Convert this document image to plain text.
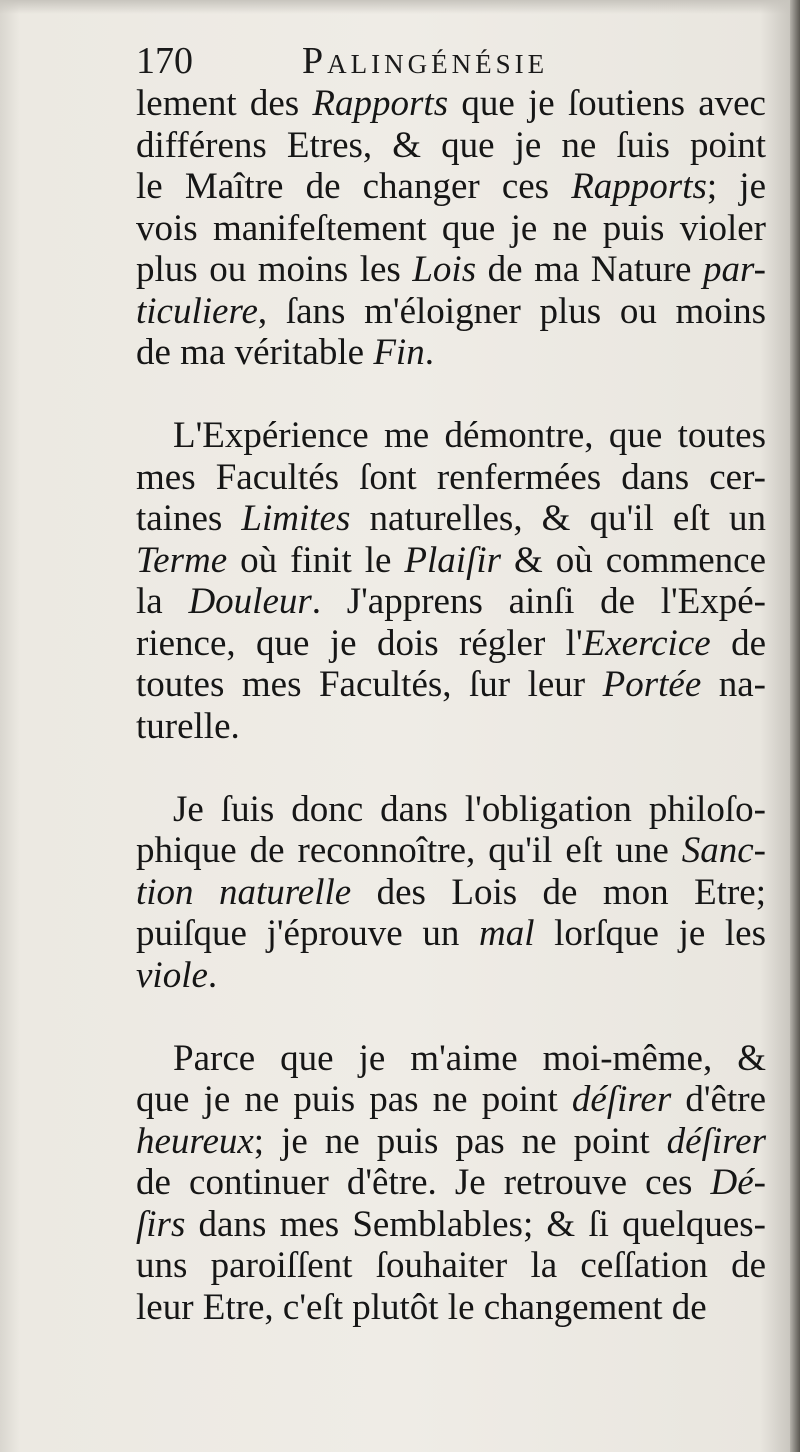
170	Palingénésie
lement des Rapports que je ſoutiens avec
différens Etres, & que je ne ſuis point
le Maître de changer ces Rapports; je
vois manifeſtement que je ne puis violer
plus ou moins les Lois de ma Nature par-
ticuliere, ſans m'éloigner plus ou moins
de ma véritable Fin.
L'Expérience me démontre, que toutes
mes Facultés ſont renfermées dans cer-
taines Limites naturelles, & qu'il eſt un
Terme où finit le Plaiſir & où commence
la Douleur. J'apprens ainſi de l'Expé-
rience, que je dois régler l'Exercice de
toutes mes Facultés, ſur leur Portée na-
turelle.
Je ſuis donc dans l'obligation philoſo-
phique de reconnoître, qu'il eſt une Sanc-
tion naturelle des Lois de mon Etre;
puiſque j'éprouve un mal lorſque je les
viole.
Parce que je m'aime moi-même, &
que je ne puis pas ne point déſirer d'être
heureux; je ne puis pas ne point déſirer
de continuer d'être. Je retrouve ces Dé-
ſirs dans mes Semblables; & ſi quelques-
uns paroiſſent ſouhaiter la ceſſation de
leur Etre, c'eſt plutôt le changement de
